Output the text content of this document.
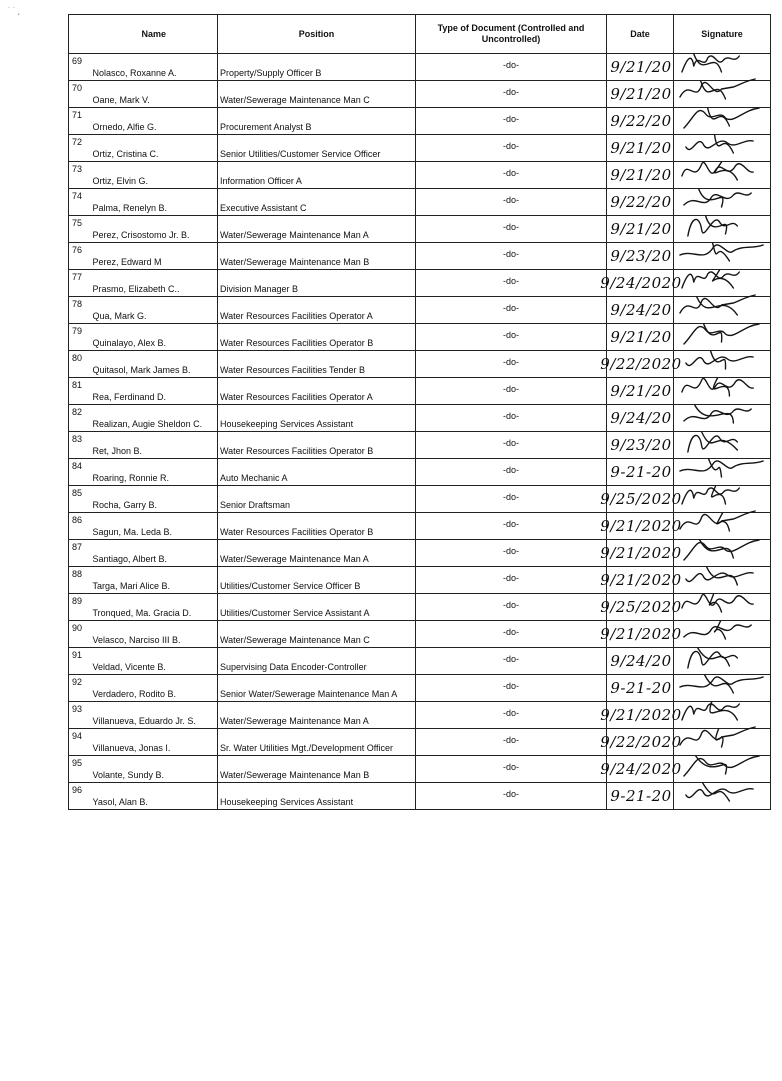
˙ ˙ ˛
	Name	Position	Type of Document (Controlled and Uncontrolled)	Date	Signature
69	Nolasco, Roxanne A.	Property/Supply Officer B	-do-	9/21/20

70	Oane, Mark V.	Water/Sewerage Maintenance Man C	-do-	9/21/20

71	Ornedo, Alfie G.	Procurement Analyst B	-do-	9/22/20

72	Ortiz, Cristina C.	Senior Utilities/Customer Service Officer	-do-	9/21/20

73	Ortiz, Elvin G.	Information Officer A	-do-	9/21/20

74	Palma, Renelyn B.	Executive Assistant C	-do-	9/22/20

75	Perez, Crisostomo Jr. B.	Water/Sewerage Maintenance Man A	-do-	9/21/20

76	Perez, Edward M	Water/Sewerage Maintenance Man B	-do-	9/23/20

77	Prasmo, Elizabeth C..	Division Manager B	-do-	9/24/2020

78	Qua, Mark G.	Water Resources Facilities Operator A	-do-	9/24/20

79	Quinalayo, Alex B.	Water Resources Facilities Operator B	-do-	9/21/20

80	Quitasol, Mark James B.	Water Resources Facilities Tender B	-do-	9/22/2020

81	Rea, Ferdinand D.	Water Resources Facilities Operator A	-do-	9/21/20

82	Realizan, Augie Sheldon C.	Housekeeping Services Assistant	-do-	9/24/20

83	Ret, Jhon B.	Water Resources Facilities Operator B	-do-	9/23/20

84	Roaring, Ronnie R.	Auto Mechanic A	-do-	9-21-20

85	Rocha, Garry B.	Senior Draftsman	-do-	9/25/2020

86	Sagun, Ma. Leda B.	Water Resources Facilities Operator B	-do-	9/21/2020

87	Santiago, Albert B.	Water/Sewerage Maintenance Man A	-do-	9/21/2020

88	Targa, Mari Alice B.	Utilities/Customer Service Officer B	-do-	9/21/2020

89	Tronqued, Ma. Gracia D.	Utilities/Customer Service Assistant A	-do-	9/25/2020

90	Velasco, Narciso III B.	Water/Sewerage Maintenance Man C	-do-	9/21/2020

91	Veldad, Vicente B.	Supervising Data Encoder-Controller	-do-	9/24/20

92	Verdadero, Rodito B.	Senior Water/Sewerage Maintenance Man A	-do-	9-21-20

93	Villanueva, Eduardo Jr. S.	Water/Sewerage Maintenance Man A	-do-	9/21/2020

94	Villanueva, Jonas I.	Sr. Water Utilities Mgt./Development Officer	-do-	9/22/2020

95	Volante, Sundy B.	Water/Sewerage Maintenance Man B	-do-	9/24/2020

96	Yasol, Alan B.	Housekeeping Services Assistant	-do-	9-21-20
